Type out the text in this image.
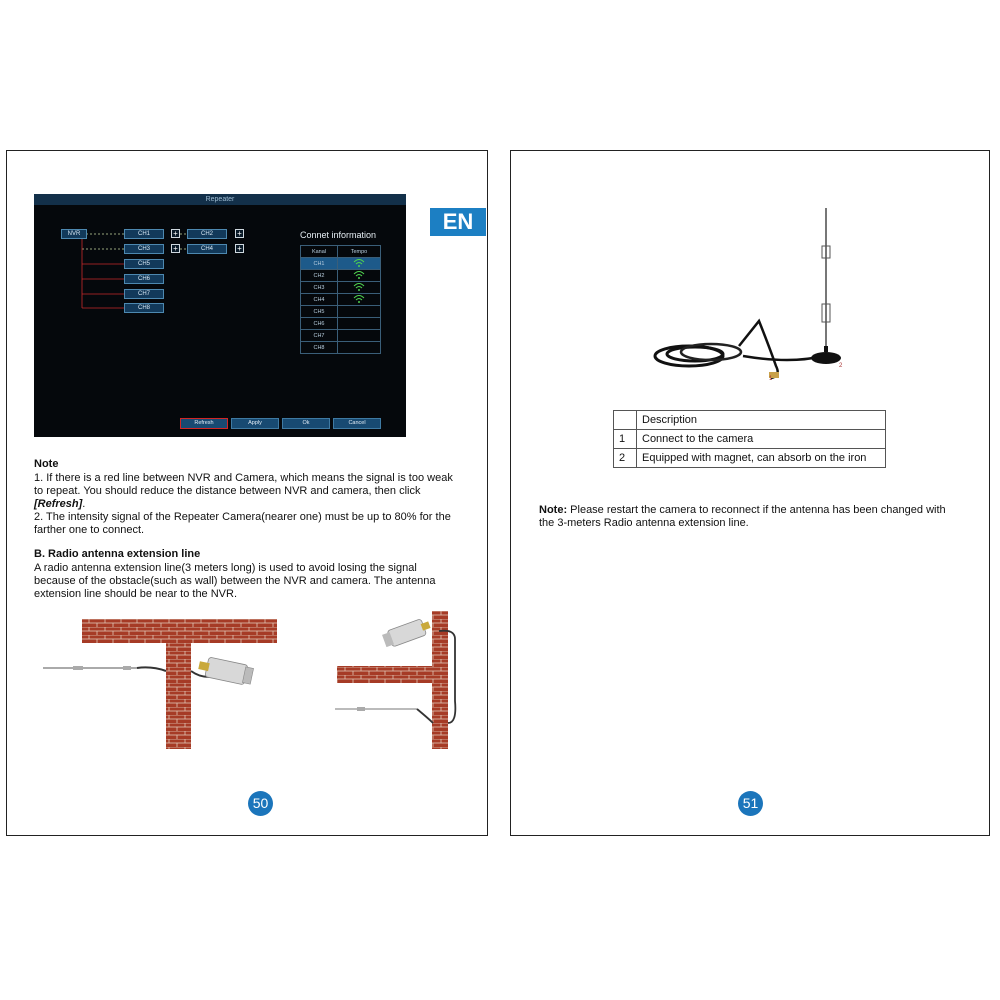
Repeater
NVR	CH1	+	CH2	+
CH3	+	CH4	+
CH5
CH6
CH7
CH8
Connet information
Kanal	Tempo
CH1	
CH2	
CH3	
CH4	
CH5	
CH6	
CH7	
CH8	
Refresh	Apply	Ok	Cancel
Note
1. If there is a red line between NVR and Camera, which means the signal is too weak to repeat. You should reduce the distance between NVR and camera, then click [Refresh].
2. The intensity signal of the Repeater Camera(nearer one) must be up to 80% for the farther one to connect.
B. Radio antenna extension line
A radio antenna extension line(3 meters long) is used to avoid losing the signal because of the obstacle(such as wall) between the NVR and camera. The antenna extension line should be near to the NVR.
50
EN
1
2
	Description
1	Connect to the camera
2	Equipped with magnet, can absorb on the iron
Note: Please restart the camera to reconnect if the antenna has been changed with the 3-meters Radio antenna extension line.
51
